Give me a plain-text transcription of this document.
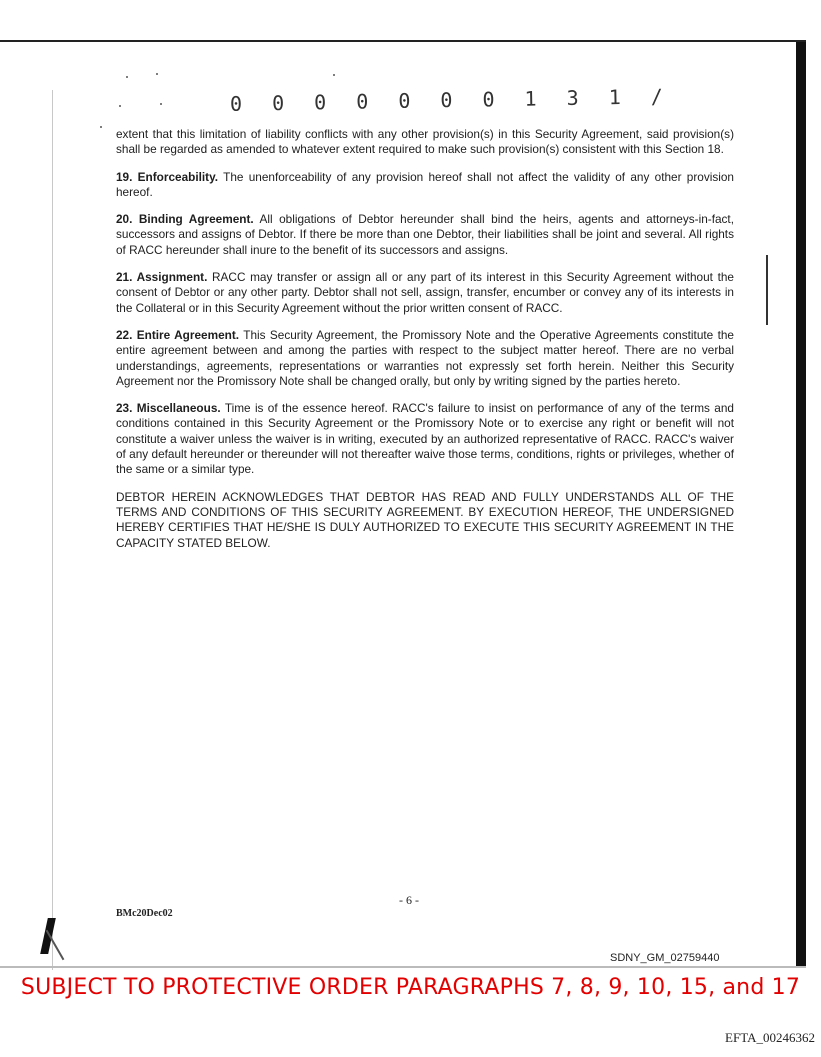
0 0 0 0 0 0 0 1 3 1 /

extent that this limitation of liability conflicts with any other provision(s) in this Security Agreement, said provision(s) shall be regarded as amended to whatever extent required to make such provision(s) consistent with this Section 18.

19. Enforceability. The unenforceability of any provision hereof shall not affect the validity of any other provision hereof.

20. Binding Agreement. All obligations of Debtor hereunder shall bind the heirs, agents and attorneys-in-fact, successors and assigns of Debtor. If there be more than one Debtor, their liabilities shall be joint and several. All rights of RACC hereunder shall inure to the benefit of its successors and assigns.

21. Assignment. RACC may transfer or assign all or any part of its interest in this Security Agreement without the consent of Debtor or any other party. Debtor shall not sell, assign, transfer, encumber or convey any of its interests in the Collateral or in this Security Agreement without the prior written consent of RACC.

22. Entire Agreement. This Security Agreement, the Promissory Note and the Operative Agreements constitute the entire agreement between and among the parties with respect to the subject matter hereof. There are no verbal understandings, agreements, representations or warranties not expressly set forth herein. Neither this Security Agreement nor the Promissory Note shall be changed orally, but only by writing signed by the parties hereto.

23. Miscellaneous. Time is of the essence hereof. RACC's failure to insist on performance of any of the terms and conditions contained in this Security Agreement or the Promissory Note or to exercise any right or benefit will not constitute a waiver unless the waiver is in writing, executed by an authorized representative of RACC. RACC's waiver of any default hereunder or thereunder will not thereafter waive those terms, conditions, rights or privileges, whether of the same or a similar type.

DEBTOR HEREIN ACKNOWLEDGES THAT DEBTOR HAS READ AND FULLY UNDERSTANDS ALL OF THE TERMS AND CONDITIONS OF THIS SECURITY AGREEMENT. BY EXECUTION HEREOF, THE UNDERSIGNED HEREBY CERTIFIES THAT HE/SHE IS DULY AUTHORIZED TO EXECUTE THIS SECURITY AGREEMENT IN THE CAPACITY STATED BELOW.

- 6 -
BMc20Dec02
SDNY_GM_02759440
SUBJECT TO PROTECTIVE ORDER PARAGRAPHS 7, 8, 9, 10, 15, and 17
EFTA_00246362
